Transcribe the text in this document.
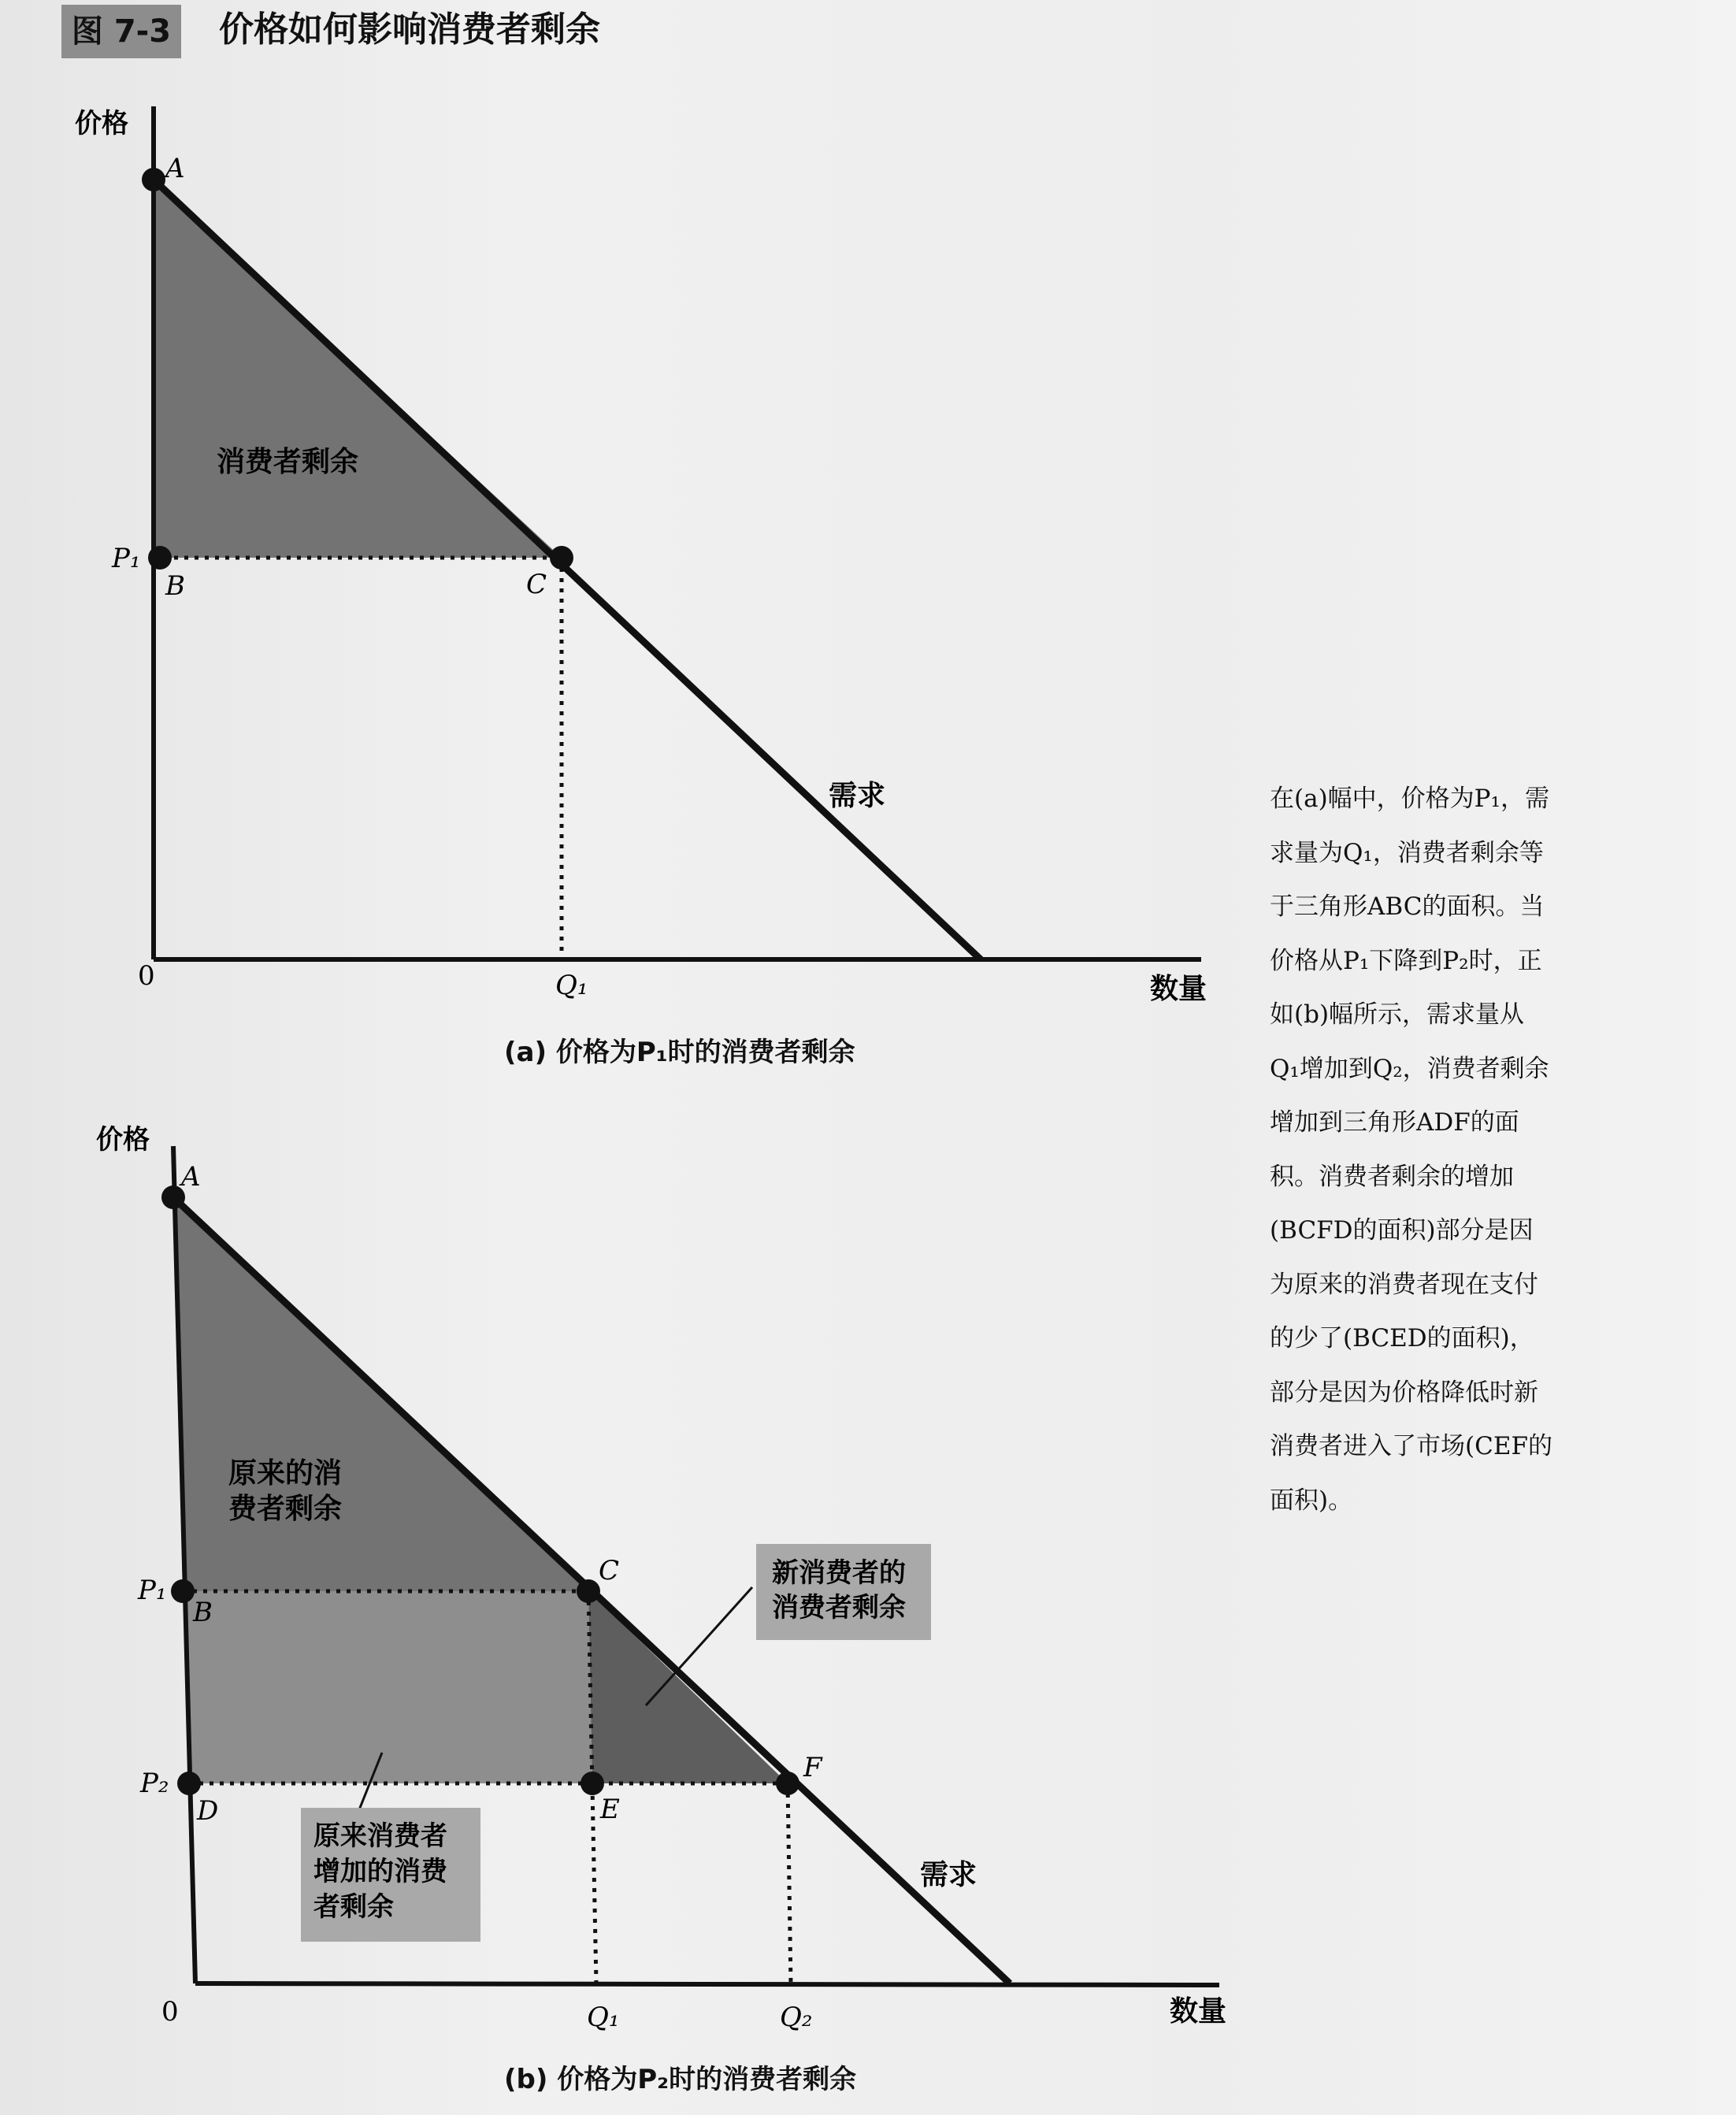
图 7-3 价格如何影响消费者剩余
价格
A
P₁
B	C
消费者剩余
需求
0	Q₁	数量
(a) 价格为P₁时的消费者剩余
价格
A
原来的消
费者剩余
P₁
B
C	新消费者的
消费者剩余
P₂
D	E
F
原来消费者
增加的消费
者剩余
需求
0	Q₁	Q₂	数量
(b) 价格为P₂时的消费者剩余
在(a)幅中，价格为P₁，需求量为Q₁，消费者剩余等于三角形ABC的面积。当价格从P₁下降到P₂时，正如(b)幅所示，需求量从Q₁增加到Q₂，消费者剩余增加到三角形ADF的面积。消费者剩余的增加(BCFD的面积)部分是因为原来的消费者现在支付的少了(BCED的面积)，部分是因为价格降低时新消费者进入了市场(CEF的面积)。
